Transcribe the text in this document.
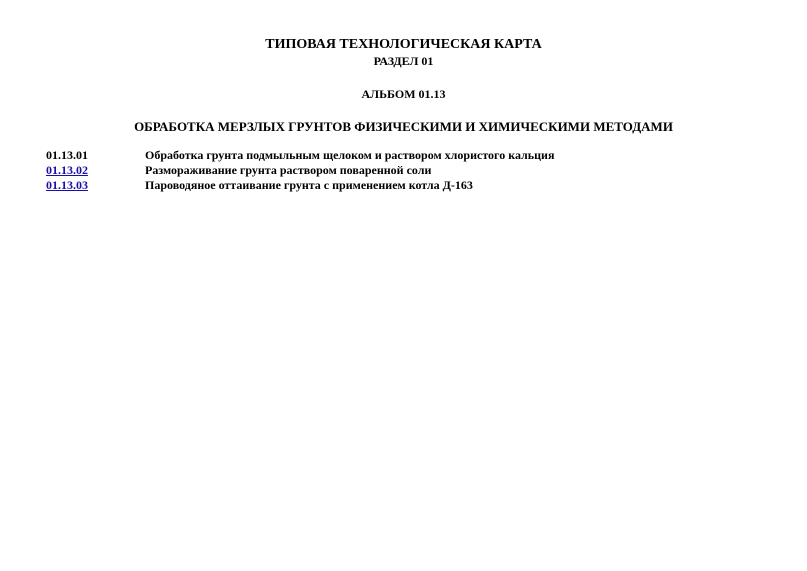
ТИПОВАЯ ТЕХНОЛОГИЧЕСКАЯ КАРТА
РАЗДЕЛ 01
АЛЬБОМ 01.13
ОБРАБОТКА МЕРЗЛЫХ ГРУНТОВ ФИЗИЧЕСКИМИ И ХИМИЧЕСКИМИ МЕТОДАМИ
01.13.01	Обработка грунта подмыльным щелоком и раствором хлористого кальция
01.13.02	Размораживание грунта раствором поваренной соли
01.13.03	Пароводяное оттаивание грунта с применением котла Д-163
